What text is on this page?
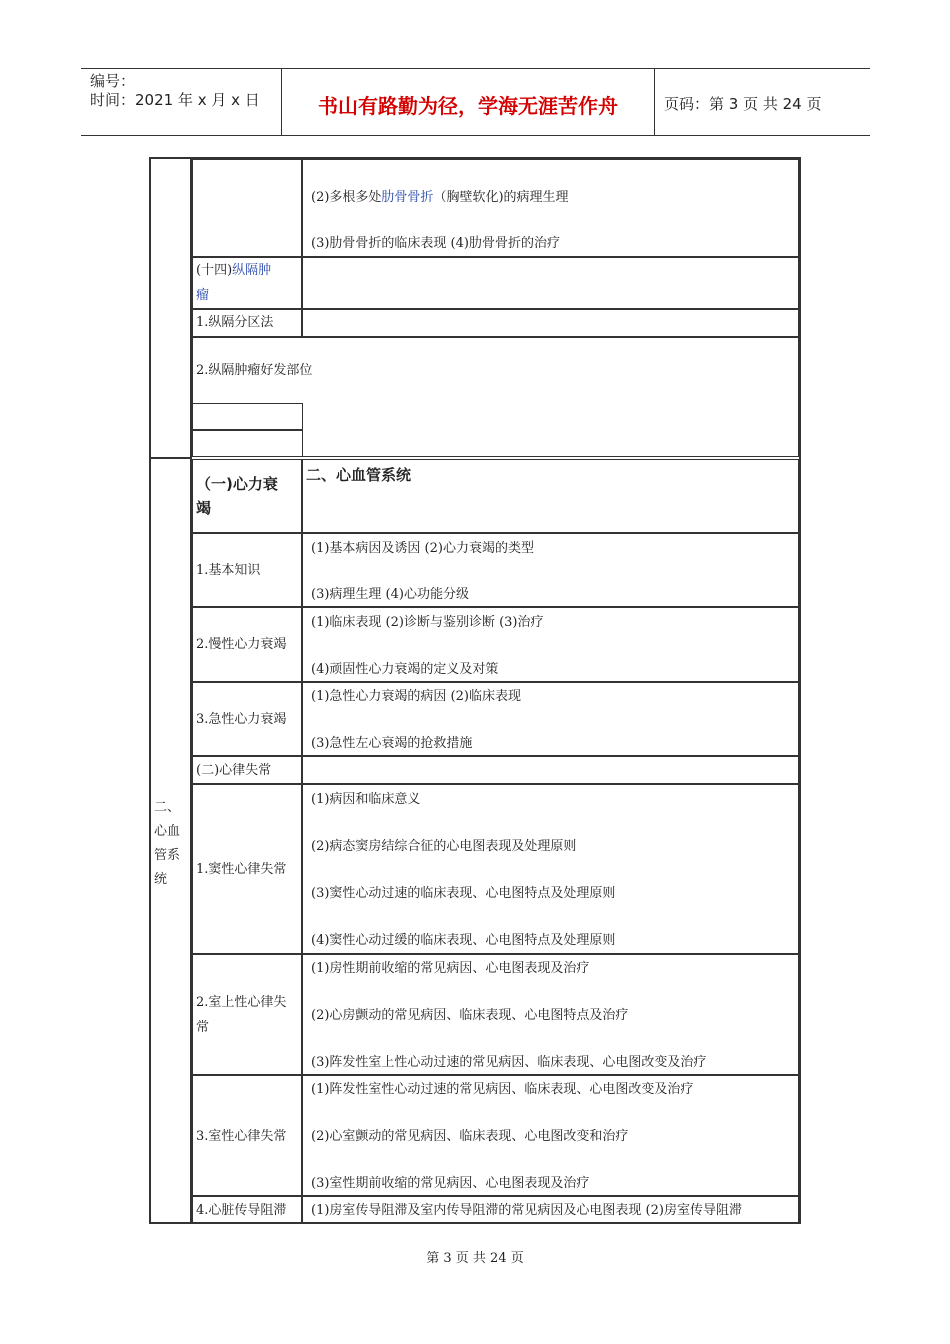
编号：
时间：2021 年 x 月 x 日	书山有路勤为径，学海无涯苦作舟	页码：第 3 页 共 24 页
(2)多根多处肋骨骨折（胸壁软化)的病理生理
(3)肋骨骨折的临床表现 (4)肋骨骨折的治疗
(十四)纵隔肿
瘤
1.纵隔分区法
2.纵隔肿瘤好发部位
二、
心血
管系
统
（一)心力衰
竭
二、心血管系统
1.基本知识
(1)基本病因及诱因 (2)心力衰竭的类型
(3)病理生理 (4)心功能分级
2.慢性心力衰竭
(1)临床表现 (2)诊断与鉴别诊断 (3)治疗
(4)顽固性心力衰竭的定义及对策
3.急性心力衰竭
(1)急性心力衰竭的病因 (2)临床表现
(3)急性左心衰竭的抢救措施
(二)心律失常
1.窦性心律失常
(1)病因和临床意义
(2)病态窦房结综合征的心电图表现及处理原则
(3)窦性心动过速的临床表现、心电图特点及处理原则
(4)窦性心动过缓的临床表现、心电图特点及处理原则
2.室上性心律失
常
(1)房性期前收缩的常见病因、心电图表现及治疗
(2)心房颤动的常见病因、临床表现、心电图特点及治疗
(3)阵发性室上性心动过速的常见病因、临床表现、心电图改变及治疗
3.室性心律失常
(1)阵发性室性心动过速的常见病因、临床表现、心电图改变及治疗
(2)心室颤动的常见病因、临床表现、心电图改变和治疗
(3)室性期前收缩的常见病因、心电图表现及治疗
4.心脏传导阻滞 (1)房室传导阻滞及室内传导阻滞的常见病因及心电图表现 (2)房室传导阻滞
第 3 页 共 24 页
